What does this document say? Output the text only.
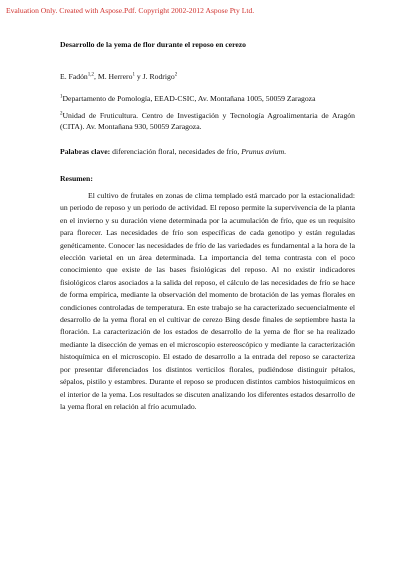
Evaluation Only. Created with Aspose.Pdf. Copyright 2002-2012 Aspose Pty Ltd.

Desarrollo de la yema de flor durante el reposo en cerezo

E. Fadón$^{1,2}$, M. Herrero$^1$ y J. Rodrigo$^2$
$^1$Departamento de Pomología, EEAD-CSIC, Av. Montañana 1005, 50059 Zaragoza
$^2$Unidad de Fruticultura. Centro de Investigación y Tecnología Agroalimentaria de Aragón (CITA). Av. Montañana 930, 50059 Zaragoza.
Palabras clave: diferenciación floral, necesidades de frío, Prunus avium.
Resumen:

El cultivo de frutales en zonas de clima templado está marcado por la estacionalidad: un periodo de reposo y un periodo de actividad. El reposo permite la supervivencia de la planta en el invierno y su duración viene determinada por la acumulación de frío, que es un requisito para florecer. Las necesidades de frío son específicas de cada genotipo y están reguladas genéticamente. Conocer las necesidades de frío de las variedades es fundamental a la hora de la elección varietal en un área determinada. La importancia del tema contrasta con el poco conocimiento que existe de las bases fisiológicas del reposo. Al no existir indicadores fisiológicos claros asociados a la salida del reposo, el cálculo de las necesidades de frío se hace de forma empírica, mediante la observación del momento de brotación de las yemas florales en condiciones controladas de temperatura. En este trabajo se ha caracterizado secuencialmente el desarrollo de la yema floral en el cultivar de cerezo Bing desde finales de septiembre hasta la floración. La caracterización de los estados de desarrollo de la yema de flor se ha realizado mediante la disección de yemas en el microscopio estereoscópico y mediante la caracterización histoquímica en el microscopio. El estado de desarrollo a la entrada del reposo se caracteriza por presentar diferenciados los distintos verticilos florales, pudiéndose distinguir pétalos, sépalos, pistilo y estambres. Durante el reposo se producen distintos cambios histoquímicos en el interior de la yema. Los resultados se discuten analizando los diferentes estados desarrollo de la yema floral en relación al frío acumulado.
